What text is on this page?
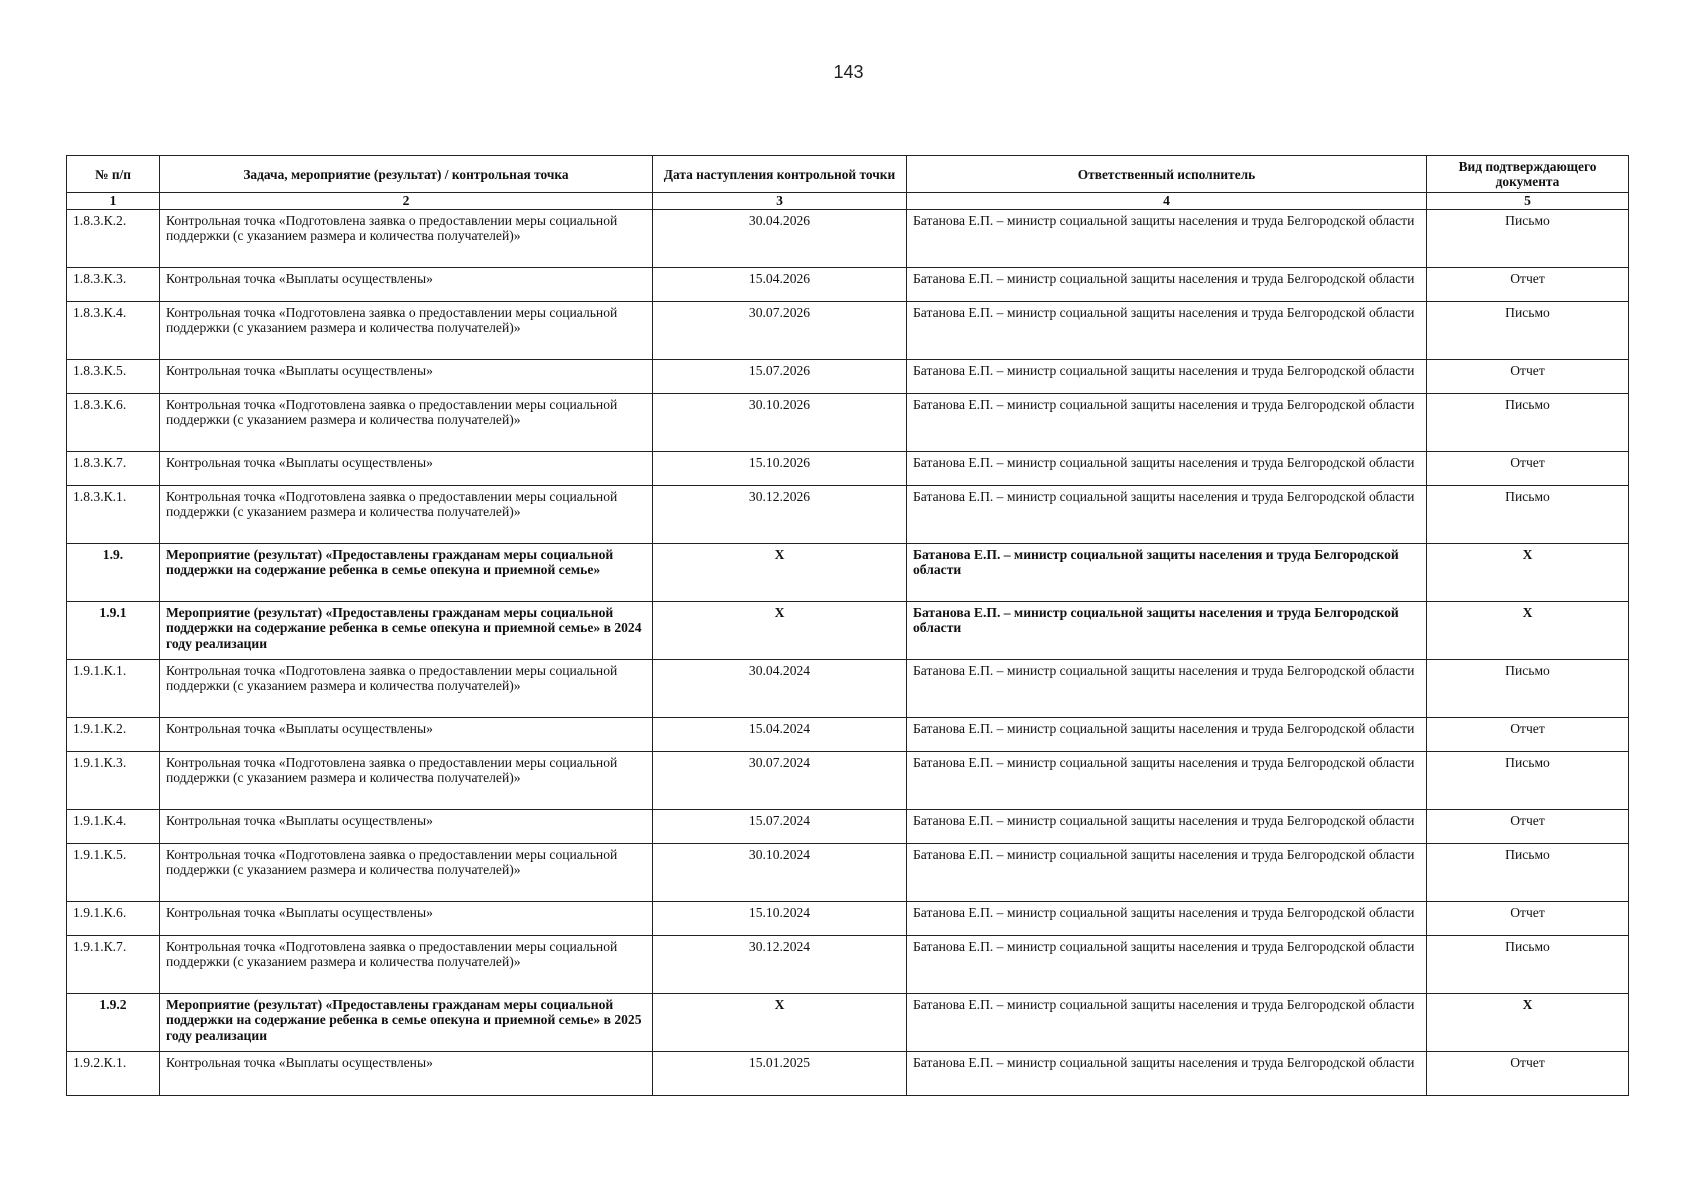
143
№ п/п	Задача, мероприятие (результат) / контрольная точка	Дата наступления контрольной точки	Ответственный исполнитель	Вид подтверждающего документа
1	2	3	4	5
1.8.3.К.2.	Контрольная точка «Подготовлена заявка о предоставлении меры социальной поддержки (с указанием размера и количества получателей)»	30.04.2026	Батанова Е.П. – министр социальной защиты населения и труда Белгородской области	Письмо
1.8.3.К.3.	Контрольная точка «Выплаты осуществлены»	15.04.2026	Батанова Е.П. – министр социальной защиты населения и труда Белгородской области	Отчет
1.8.3.К.4.	Контрольная точка «Подготовлена заявка о предоставлении меры социальной поддержки (с указанием размера и количества получателей)»	30.07.2026	Батанова Е.П. – министр социальной защиты населения и труда Белгородской области	Письмо
1.8.3.К.5.	Контрольная точка «Выплаты осуществлены»	15.07.2026	Батанова Е.П. – министр социальной защиты населения и труда Белгородской области	Отчет
1.8.3.К.6.	Контрольная точка «Подготовлена заявка о предоставлении меры социальной поддержки (с указанием размера и количества получателей)»	30.10.2026	Батанова Е.П. – министр социальной защиты населения и труда Белгородской области	Письмо
1.8.3.К.7.	Контрольная точка «Выплаты осуществлены»	15.10.2026	Батанова Е.П. – министр социальной защиты населения и труда Белгородской области	Отчет
1.8.3.К.1.	Контрольная точка «Подготовлена заявка о предоставлении меры социальной поддержки (с указанием размера и количества получателей)»	30.12.2026	Батанова Е.П. – министр социальной защиты населения и труда Белгородской области	Письмо
1.9.	Мероприятие (результат) «Предоставлены гражданам меры социальной поддержки на содержание ребенка в семье опекуна и приемной семье»	Х	Батанова Е.П. – министр социальной защиты населения и труда Белгородской области	Х
1.9.1	Мероприятие (результат) «Предоставлены гражданам меры социальной поддержки на содержание ребенка в семье опекуна и приемной семье» в 2024 году реализации	Х	Батанова Е.П. – министр социальной защиты населения и труда Белгородской области	Х
1.9.1.К.1.	Контрольная точка «Подготовлена заявка о предоставлении меры социальной поддержки (с указанием размера и количества получателей)»	30.04.2024	Батанова Е.П. – министр социальной защиты населения и труда Белгородской области	Письмо
1.9.1.К.2.	Контрольная точка «Выплаты осуществлены»	15.04.2024	Батанова Е.П. – министр социальной защиты населения и труда Белгородской области	Отчет
1.9.1.К.3.	Контрольная точка «Подготовлена заявка о предоставлении меры социальной поддержки (с указанием размера и количества получателей)»	30.07.2024	Батанова Е.П. – министр социальной защиты населения и труда Белгородской области	Письмо
1.9.1.К.4.	Контрольная точка «Выплаты осуществлены»	15.07.2024	Батанова Е.П. – министр социальной защиты населения и труда Белгородской области	Отчет
1.9.1.К.5.	Контрольная точка «Подготовлена заявка о предоставлении меры социальной поддержки (с указанием размера и количества получателей)»	30.10.2024	Батанова Е.П. – министр социальной защиты населения и труда Белгородской области	Письмо
1.9.1.К.6.	Контрольная точка «Выплаты осуществлены»	15.10.2024	Батанова Е.П. – министр социальной защиты населения и труда Белгородской области	Отчет
1.9.1.К.7.	Контрольная точка «Подготовлена заявка о предоставлении меры социальной поддержки (с указанием размера и количества получателей)»	30.12.2024	Батанова Е.П. – министр социальной защиты населения и труда Белгородской области	Письмо
1.9.2	Мероприятие (результат) «Предоставлены гражданам меры социальной поддержки на содержание ребенка в семье опекуна и приемной семье» в 2025 году реализации	Х	Батанова Е.П. – министр социальной защиты населения и труда Белгородской области	Х
1.9.2.К.1.	Контрольная точка «Выплаты осуществлены»	15.01.2025	Батанова Е.П. – министр социальной защиты населения и труда Белгородской области	Отчет
